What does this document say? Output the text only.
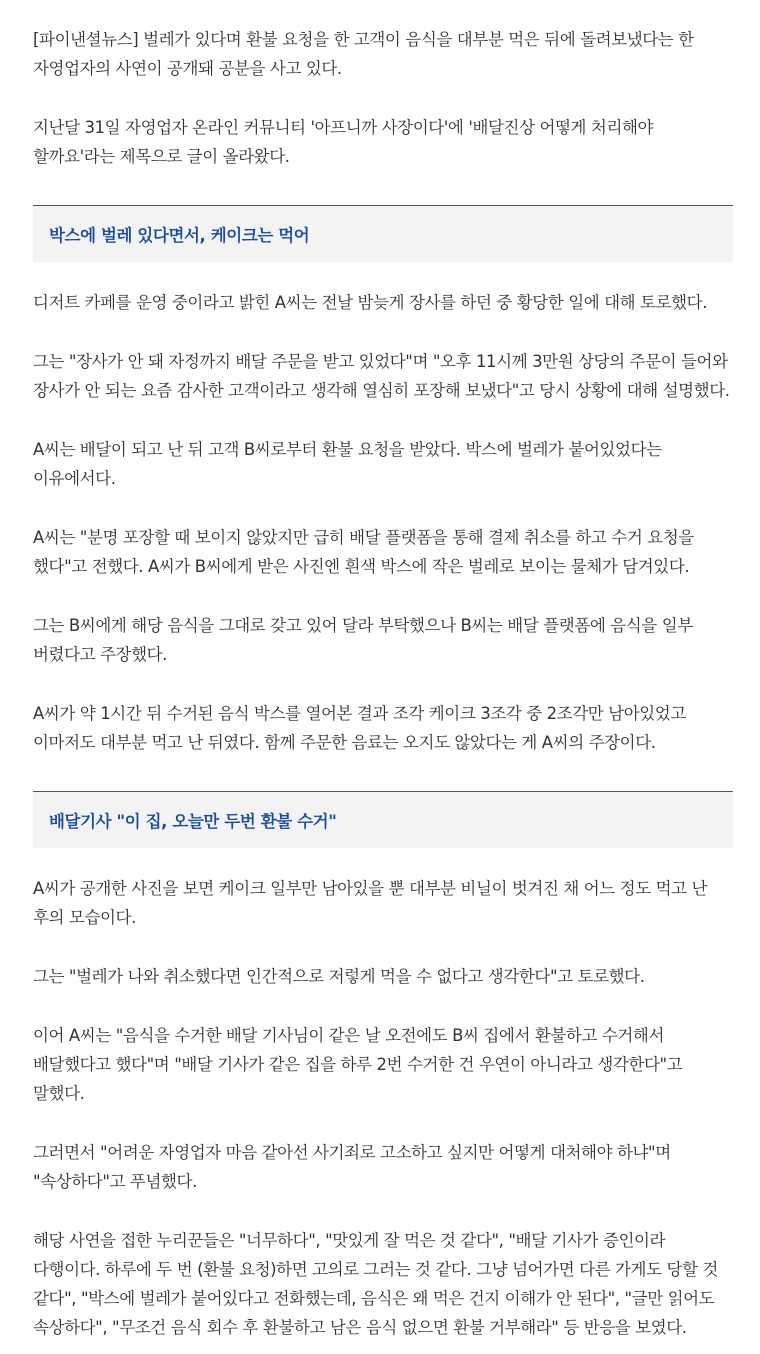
[파이낸셜뉴스] 벌레가 있다며 환불 요청을 한 고객이 음식을 대부분 먹은 뒤에 돌려보냈다는 한 자영업자의 사연이 공개돼 공분을 사고 있다.

지난달 31일 자영업자 온라인 커뮤니티 '아프니까 사장이다'에 '배달진상 어떻게 처리해야 할까요'라는 제목으로 글이 올라왔다.

박스에 벌레 있다면서, 케이크는 먹어

디저트 카페를 운영 중이라고 밝힌 A씨는 전날 밤늦게 장사를 하던 중 황당한 일에 대해 토로했다.

그는 "장사가 안 돼 자정까지 배달 주문을 받고 있었다"며 "오후 11시께 3만원 상당의 주문이 들어와 장사가 안 되는 요즘 감사한 고객이라고 생각해 열심히 포장해 보냈다"고 당시 상황에 대해 설명했다.

A씨는 배달이 되고 난 뒤 고객 B씨로부터 환불 요청을 받았다. 박스에 벌레가 붙어있었다는 이유에서다.

A씨는 "분명 포장할 때 보이지 않았지만 급히 배달 플랫폼을 통해 결제 취소를 하고 수거 요청을 했다"고 전했다. A씨가 B씨에게 받은 사진엔 흰색 박스에 작은 벌레로 보이는 물체가 담겨있다.

그는 B씨에게 해당 음식을 그대로 갖고 있어 달라 부탁했으나 B씨는 배달 플랫폼에 음식을 일부 버렸다고 주장했다.

A씨가 약 1시간 뒤 수거된 음식 박스를 열어본 결과 조각 케이크 3조각 중 2조각만 남아있었고 이마저도 대부분 먹고 난 뒤였다. 함께 주문한 음료는 오지도 않았다는 게 A씨의 주장이다.

배달기사 "이 집, 오늘만 두번 환불 수거"

A씨가 공개한 사진을 보면 케이크 일부만 남아있을 뿐 대부분 비닐이 벗겨진 채 어느 정도 먹고 난 후의 모습이다.

그는 "벌레가 나와 취소했다면 인간적으로 저렇게 먹을 수 없다고 생각한다"고 토로했다.

이어 A씨는 "음식을 수거한 배달 기사님이 같은 날 오전에도 B씨 집에서 환불하고 수거해서 배달했다고 했다"며 "배달 기사가 같은 집을 하루 2번 수거한 건 우연이 아니라고 생각한다"고 말했다.

그러면서 "어려운 자영업자 마음 같아선 사기죄로 고소하고 싶지만 어떻게 대처해야 하냐"며 "속상하다"고 푸념했다.

해당 사연을 접한 누리꾼들은 "너무하다", "맛있게 잘 먹은 것 같다", "배달 기사가 증인이라 다행이다. 하루에 두 번 (환불 요청)하면 고의로 그러는 것 같다. 그냥 넘어가면 다른 가게도 당할 것 같다", "박스에 벌레가 붙어있다고 전화했는데, 음식은 왜 먹은 건지 이해가 안 된다", "글만 읽어도 속상하다", "무조건 음식 회수 후 환불하고 남은 음식 없으면 환불 거부해라" 등 반응을 보였다.
